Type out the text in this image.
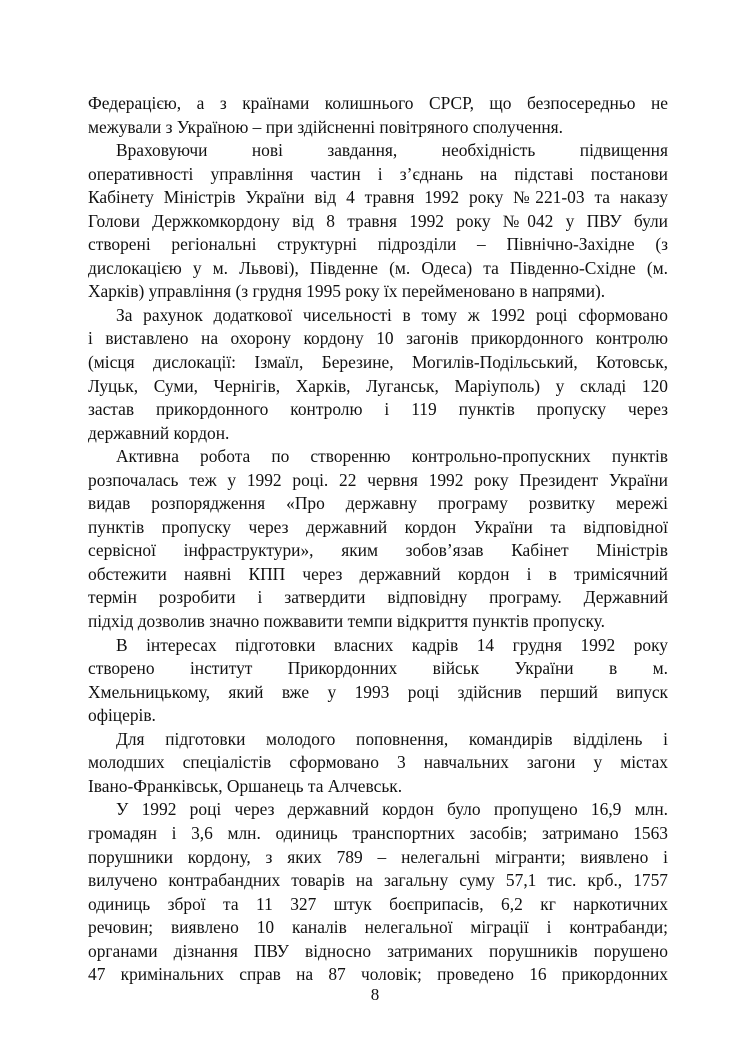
Федерацією, а з країнами колишнього СРСР, що безпосередньо не
межували з Україною – при здійсненні повітряного сполучення.

Враховуючи нові завдання, необхідність підвищення
оперативності управління частин і з’єднань на підставі постанови
Кабінету Міністрів України від 4 травня 1992 року №221-03 та наказу
Голови Держкомкордону від 8 травня 1992 року №042 у ПВУ були
створені регіональні структурні підрозділи – Північно-Західне (з
дислокацією у м. Львові), Південне (м. Одеса) та Південно-Східне (м.
Харків) управління (з грудня 1995 року їх перейменовано в напрями).

За рахунок додаткової чисельності в тому ж 1992 році сформовано
і виставлено на охорону кордону 10 загонів прикордонного контролю
(місця дислокації: Ізмаїл, Березине, Могилів-Подільський, Котовськ,
Луцьк, Суми, Чернігів, Харків, Луганськ, Маріуполь) у складі 120
застав прикордонного контролю і 119 пунктів пропуску через
державний кордон.

Активна робота по створенню контрольно-пропускних пунктів
розпочалась теж у 1992 році. 22 червня 1992 року Президент України
видав розпорядження «Про державну програму розвитку мережі
пунктів пропуску через державний кордон України та відповідної
сервісної інфраструктури», яким зобов’язав Кабінет Міністрів
обстежити наявні КПП через державний кордон і в тримісячний
термін розробити і затвердити відповідну програму. Державний
підхід дозволив значно пожвавити темпи відкриття пунктів пропуску.

В інтересах підготовки власних кадрів 14 грудня 1992 року
створено інститут Прикордонних військ України в м.
Хмельницькому, який вже у 1993 році здійснив перший випуск
офіцерів.

Для підготовки молодого поповнення, командирів відділень і
молодших спеціалістів сформовано 3 навчальних загони у містах
Івано-Франківськ, Оршанець та Алчевськ.

У 1992 році через державний кордон було пропущено 16,9 млн.
громадян і 3,6 млн. одиниць транспортних засобів; затримано 1563
порушники кордону, з яких 789 – нелегальні мігранти; виявлено і
вилучено контрабандних товарів на загальну суму 57,1 тис. крб., 1757
одиниць зброї та 11 327 штук боєприпасів, 6,2 кг наркотичних
речовин; виявлено 10 каналів нелегальної міграції і контрабанди;
органами дізнання ПВУ відносно затриманих порушників порушено
47 кримінальних справ на 87 чоловік; проведено 16 прикордонних

8
